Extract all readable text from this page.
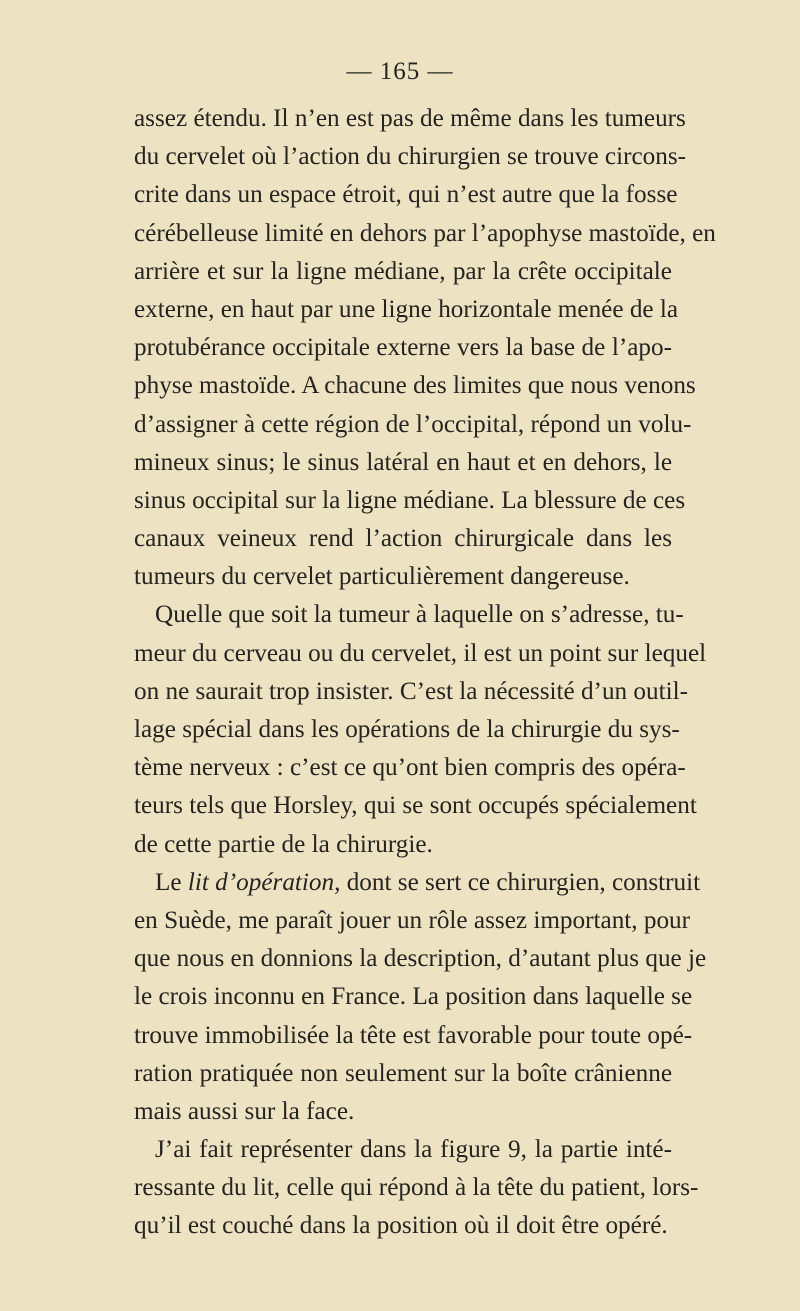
— 165 —
assez étendu. Il n’en est pas de même dans les tumeurs
du cervelet où l’action du chirurgien se trouve circons-
crite dans un espace étroit, qui n’est autre que la fosse
cérébelleuse limité en dehors par l’apophyse mastoïde, en
arrière et sur la ligne médiane, par la crête occipitale
externe, en haut par une ligne horizontale menée de la
protubérance occipitale externe vers la base de l’apo-
physe mastoïde. A chacune des limites que nous venons
d’assigner à cette région de l’occipital, répond un volu-
mineux sinus; le sinus latéral en haut et en dehors, le
sinus occipital sur la ligne médiane. La blessure de ces
canaux veineux rend l’action chirurgicale dans les
tumeurs du cervelet particulièrement dangereuse.
Quelle que soit la tumeur à laquelle on s’adresse, tu-
meur du cerveau ou du cervelet, il est un point sur lequel
on ne saurait trop insister. C’est la nécessité d’un outil-
lage spécial dans les opérations de la chirurgie du sys-
tème nerveux : c’est ce qu’ont bien compris des opéra-
teurs tels que Horsley, qui se sont occupés spécialement
de cette partie de la chirurgie.
Le lit d’opération, dont se sert ce chirurgien, construit
en Suède, me paraît jouer un rôle assez important, pour
que nous en donnions la description, d’autant plus que je
le crois inconnu en France. La position dans laquelle se
trouve immobilisée la tête est favorable pour toute opé-
ration pratiquée non seulement sur la boîte crânienne
mais aussi sur la face.
J’ai fait représenter dans la figure 9, la partie inté-
ressante du lit, celle qui répond à la tête du patient, lors-
qu’il est couché dans la position où il doit être opéré.
